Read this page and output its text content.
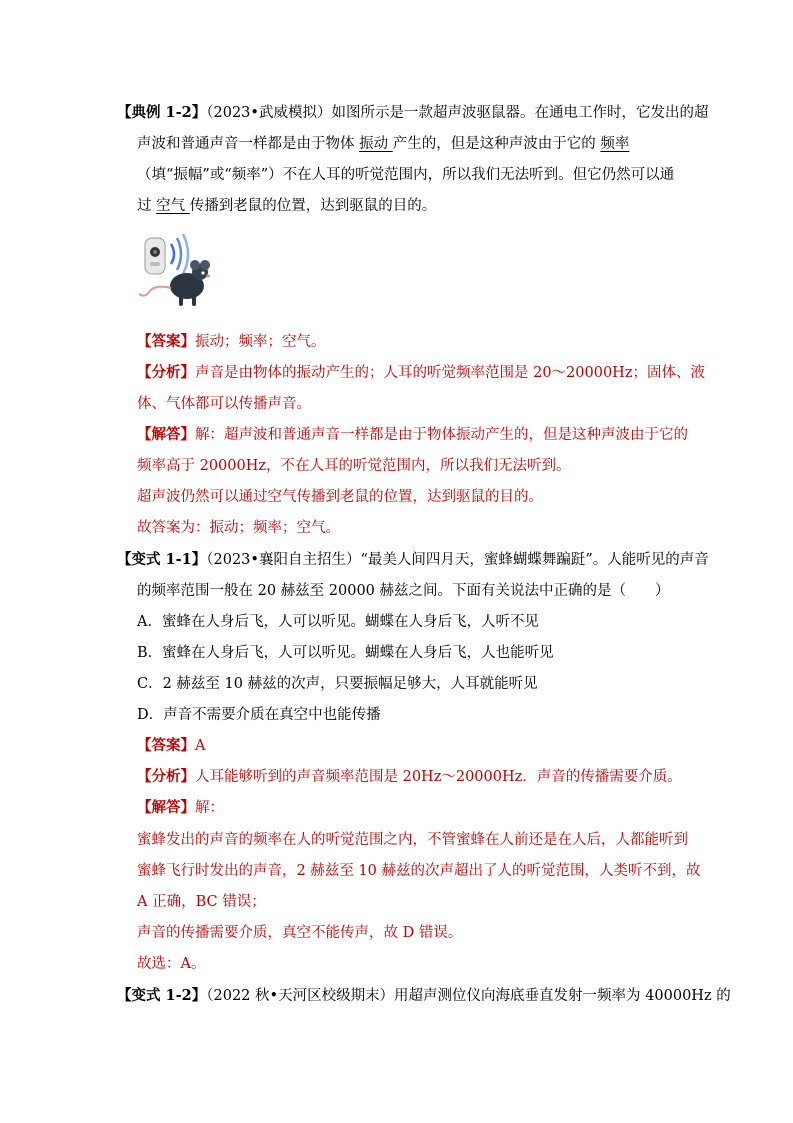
【典例 1-2】（2023•武威模拟）如图所示是一款超声波驱鼠器。在通电工作时，它发出的超
声波和普通声音一样都是由于物体 振动 产生的，但是这种声波由于它的 频率
（填“振幅”或“频率”）不在人耳的听觉范围内，所以我们无法听到。但它仍然可以通
过 空气 传播到老鼠的位置，达到驱鼠的目的。
【答案】振动；频率；空气。
【分析】声音是由物体的振动产生的；人耳的听觉频率范围是 20～20000Hz；固体、液
体、气体都可以传播声音。
【解答】解：超声波和普通声音一样都是由于物体振动产生的，但是这种声波由于它的
频率高于 20000Hz，不在人耳的听觉范围内，所以我们无法听到。
超声波仍然可以通过空气传播到老鼠的位置，达到驱鼠的目的。
故答案为：振动；频率；空气。
【变式 1-1】（2023•襄阳自主招生）“最美人间四月天，蜜蜂蝴蝶舞蹁跹”。人能听见的声音
的频率范围一般在 20 赫兹至 20000 赫兹之间。下面有关说法中正确的是（　　）
A．蜜蜂在人身后飞，人可以听见。蝴蝶在人身后飞，人听不见
B．蜜蜂在人身后飞，人可以听见。蝴蝶在人身后飞，人也能听见
C．2 赫兹至 10 赫兹的次声，只要振幅足够大，人耳就能听见
D．声音不需要介质在真空中也能传播
【答案】A
【分析】人耳能够听到的声音频率范围是 20Hz～20000Hz．声音的传播需要介质。
【解答】解：
蜜蜂发出的声音的频率在人的听觉范围之内，不管蜜蜂在人前还是在人后，人都能听到
蜜蜂飞行时发出的声音，2 赫兹至 10 赫兹的次声超出了人的听觉范围，人类听不到，故
A 正确，BC 错误；
声音的传播需要介质，真空不能传声，故 D 错误。
故选：A。
【变式 1-2】（2022 秋•天河区校级期末）用超声测位仪向海底垂直发射一频率为 40000Hz 的
